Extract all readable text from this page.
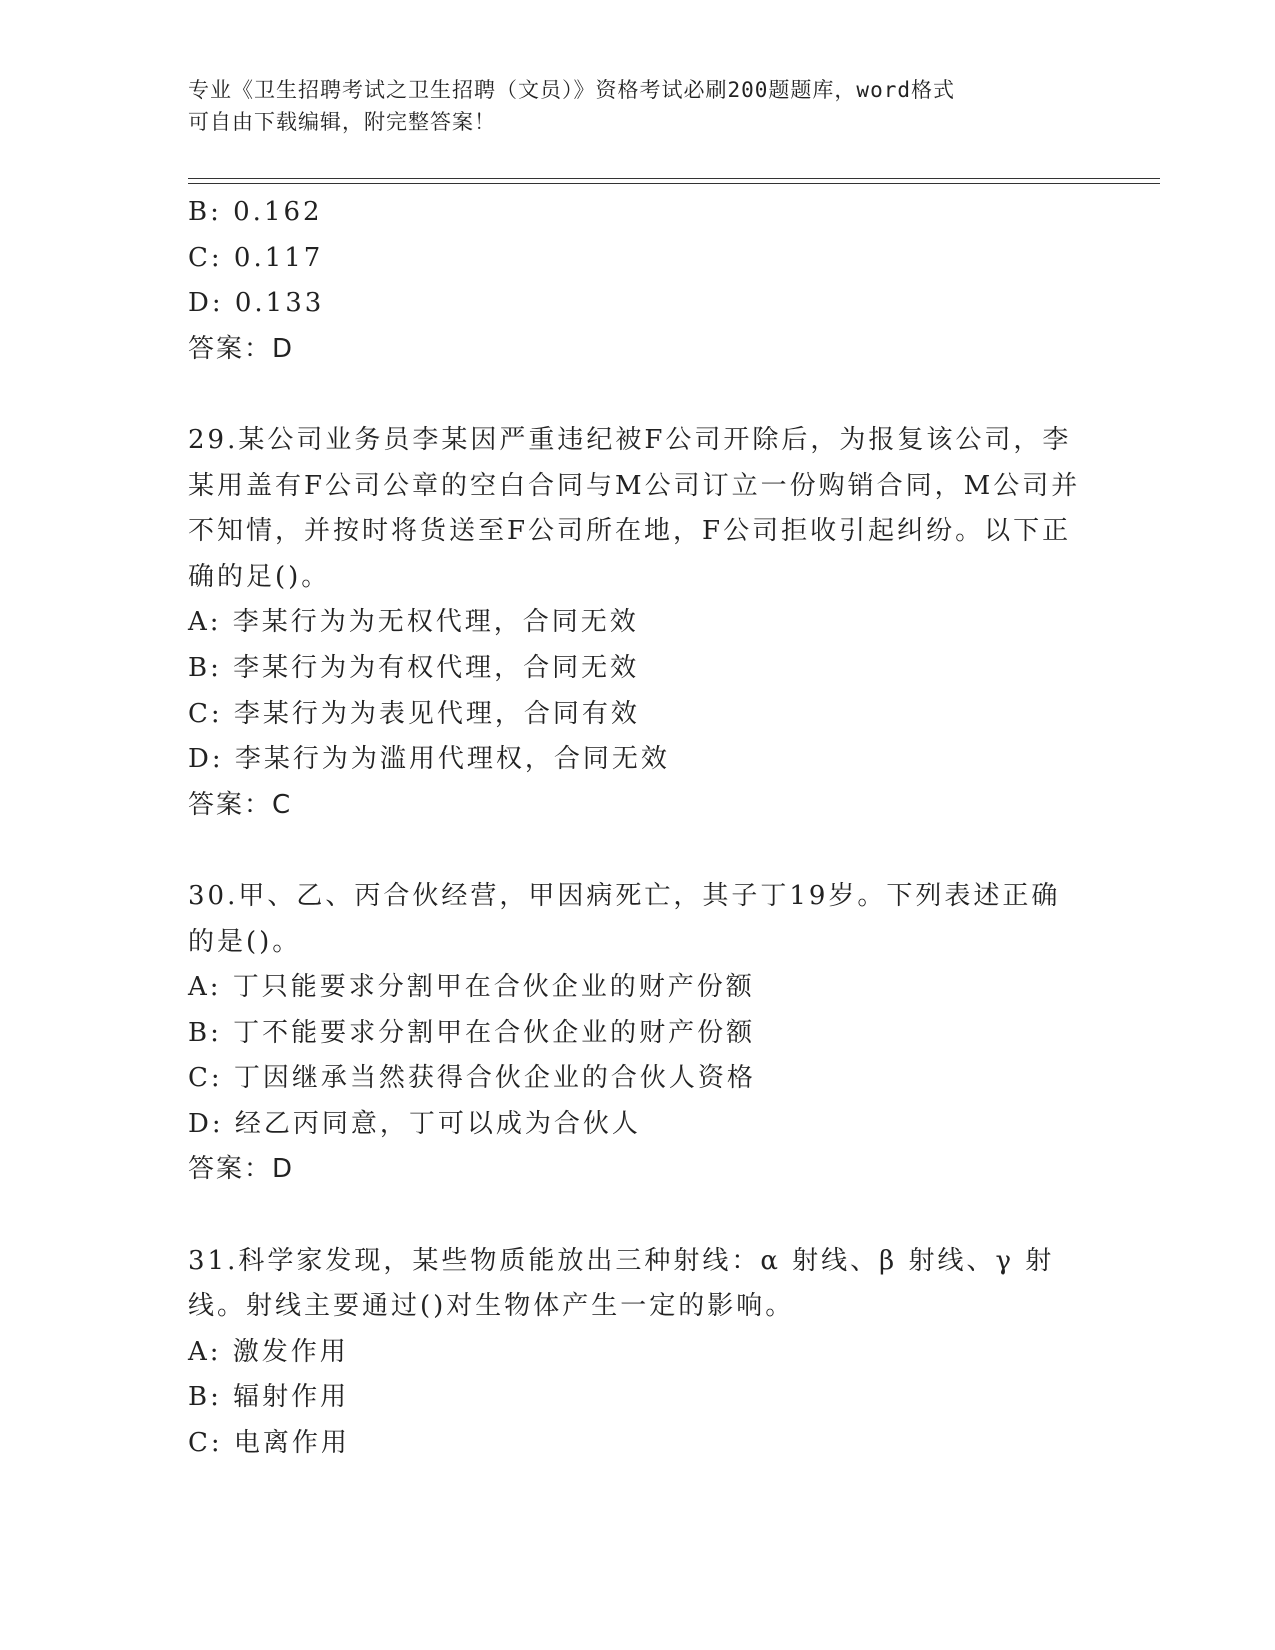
专业《卫生招聘考试之卫生招聘（文员）》资格考试必刷200题题库，word格式
可自由下载编辑，附完整答案！
B: 0.162
C: 0.117
D: 0.133
答案：D
29.某公司业务员李某因严重违纪被F公司开除后，为报复该公司，李
某用盖有F公司公章的空白合同与M公司订立一份购销合同，M公司并
不知情，并按时将货送至F公司所在地，F公司拒收引起纠纷。以下正
确的足()。
A: 李某行为为无权代理，合同无效
B: 李某行为为有权代理，合同无效
C: 李某行为为表见代理，合同有效
D: 李某行为为滥用代理权，合同无效
答案：C
30.甲、乙、丙合伙经营，甲因病死亡，其子丁19岁。下列表述正确
的是()。
A: 丁只能要求分割甲在合伙企业的财产份额
B: 丁不能要求分割甲在合伙企业的财产份额
C: 丁因继承当然获得合伙企业的合伙人资格
D: 经乙丙同意，丁可以成为合伙人
答案：D
31.科学家发现，某些物质能放出三种射线：α 射线、β 射线、γ 射
线。射线主要通过()对生物体产生一定的影响。
A: 激发作用
B: 辐射作用
C: 电离作用
